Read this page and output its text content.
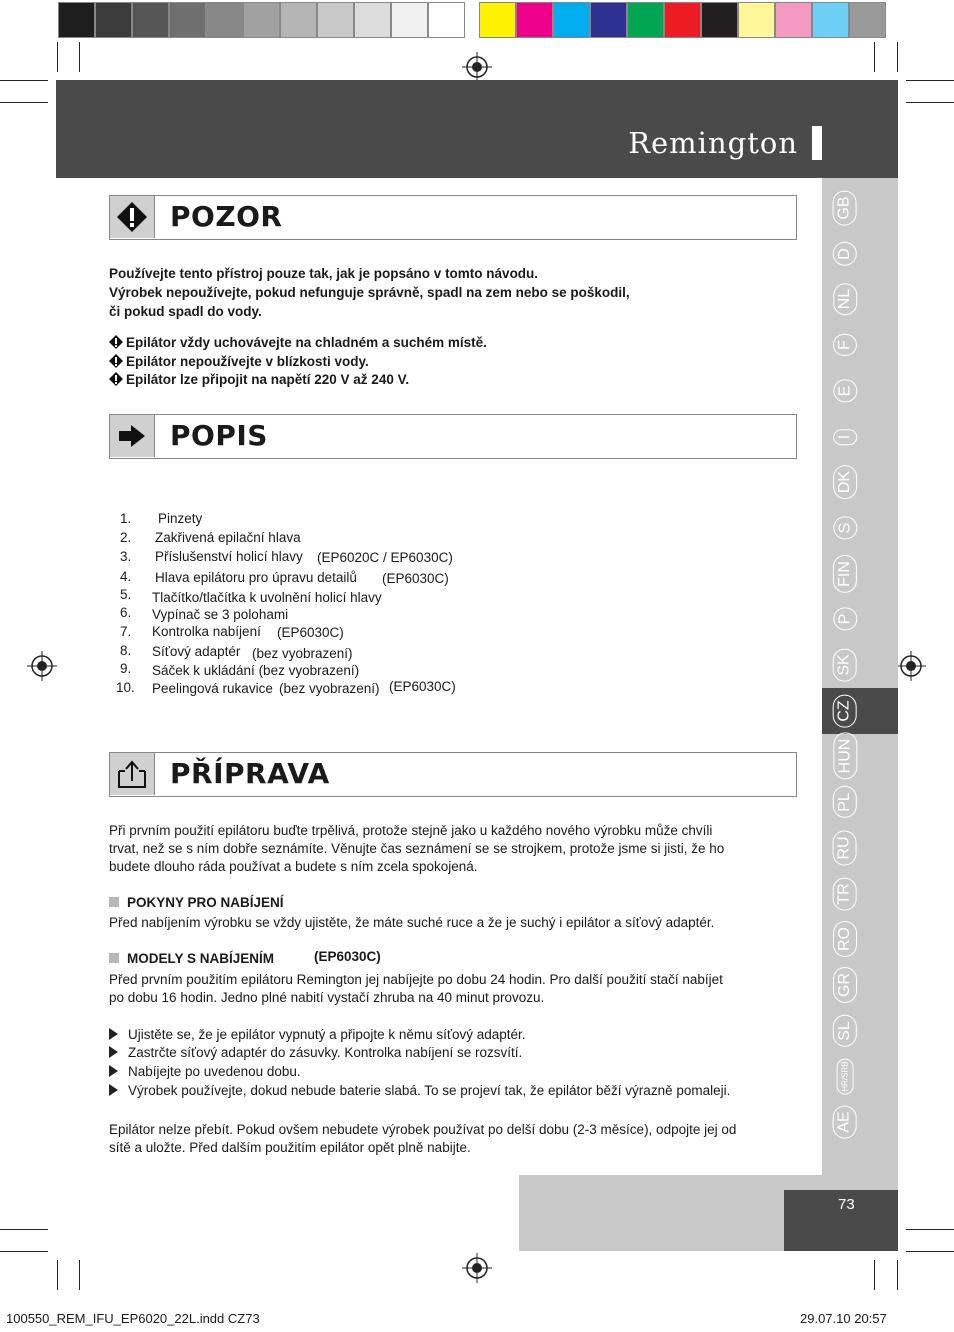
Remington
GB
D
NL
F
E
I
DK
S
FIN
P
SK
CZ
HUN
PL
RU
TR
RO
GR
SL
HR/SRB
AE
POZOR
Používejte tento přístroj pouze tak, jak je popsáno v tomto návodu.
Výrobek nepoužívejte, pokud nefunguje správně, spadl na zem nebo se poškodil,
či pokud spadl do vody.
Epilátor vždy uchovávejte na chladném a suchém místě.
Epilátor nepoužívejte v blízkosti vody.
Epilátor lze připojit na napětí 220 V až 240 V.
POPIS
1. Pinzety
2. Zakřivená epilační hlava
3. Příslušenství holicí hlavy (EP6020C / EP6030C)
4. Hlava epilátoru pro úpravu detailů (EP6030C)
5. Tlačítko/tlačítka k uvolnění holicí hlavy
6. Vypínač se 3 polohami
7. Kontrolka nabíjení (EP6030C)
8. Síťový adaptér (bez vyobrazení)
9. Sáček k ukládání (bez vyobrazení)
10. Peelingová rukavice (bez vyobrazení) (EP6030C)
PŘÍPRAVA
Při prvním použití epilátoru buďte trpělivá, protože stejně jako u každého nového výrobku může chvíli
trvat, než se s ním dobře seznámíte. Věnujte čas seznámení se se strojkem, protože jsme si jisti, že ho
budete dlouho ráda používat a budete s ním zcela spokojená.
POKYNY PRO NABÍJENÍ
Před nabíjením výrobku se vždy ujistěte, že máte suché ruce a že je suchý i epilátor a síťový adaptér.
MODELY S NABÍJENÍM	(EP6030C)
Před prvním použitím epilátoru Remington jej nabíjejte po dobu 24 hodin. Pro další použití stačí nabíjet
po dobu 16 hodin. Jedno plné nabití vystačí zhruba na 40 minut provozu.
Ujistěte se, že je epilátor vypnutý a připojte k němu síťový adaptér.
Zastrčte síťový adaptér do zásuvky. Kontrolka nabíjení se rozsvítí.
Nabíjejte po uvedenou dobu.
Výrobek používejte, dokud nebude baterie slabá. To se projeví tak, že epilátor běží výrazně pomaleji.
Epilátor nelze přebít. Pokud ovšem nebudete výrobek používat po delší dobu (2-3 měsíce), odpojte jej od
sítě a uložte. Před dalším použitím epilátor opět plně nabijte.
73
100550_REM_IFU_EP6020_22L.indd CZ73	29.07.10 20:57
